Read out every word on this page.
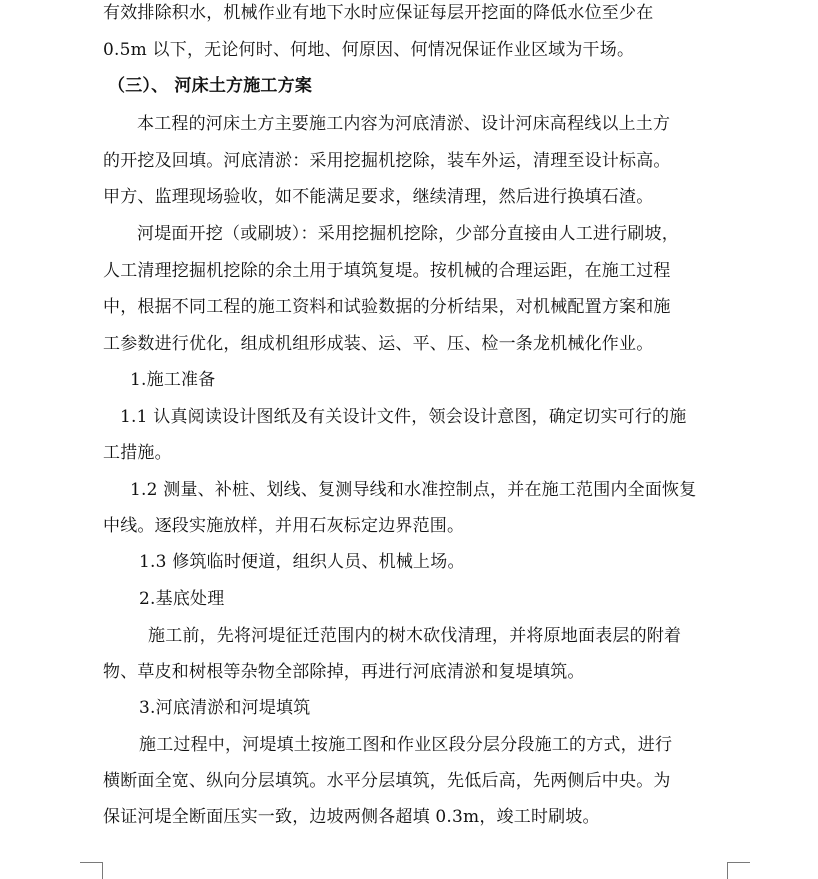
有效排除积水，机械作业有地下水时应保证每层开挖面的降低水位至少在
0.5m 以下，无论何时、何地、何原因、何情况保证作业区域为干场。
（三）、 河床土方施工方案
本工程的河床土方主要施工内容为河底清淤、设计河床高程线以上土方
的开挖及回填。河底清淤：采用挖掘机挖除，装车外运，清理至设计标高。
甲方、监理现场验收，如不能满足要求，继续清理，然后进行换填石渣。
河堤面开挖（或刷坡）：采用挖掘机挖除，少部分直接由人工进行刷坡，
人工清理挖掘机挖除的余土用于填筑复堤。按机械的合理运距，在施工过程
中，根据不同工程的施工资料和试验数据的分析结果，对机械配置方案和施
工参数进行优化，组成机组形成装、运、平、压、检一条龙机械化作业。
1.施工准备
1.1 认真阅读设计图纸及有关设计文件，领会设计意图，确定切实可行的施
工措施。
1.2 测量、补桩、划线、复测导线和水准控制点，并在施工范围内全面恢复
中线。逐段实施放样，并用石灰标定边界范围。
1.3 修筑临时便道，组织人员、机械上场。
2.基底处理
施工前，先将河堤征迁范围内的树木砍伐清理，并将原地面表层的附着
物、草皮和树根等杂物全部除掉，再进行河底清淤和复堤填筑。
3.河底清淤和河堤填筑
施工过程中，河堤填土按施工图和作业区段分层分段施工的方式，进行
横断面全宽、纵向分层填筑。水平分层填筑，先低后高，先两侧后中央。为
保证河堤全断面压实一致，边坡两侧各超填 0.3m，竣工时刷坡。
